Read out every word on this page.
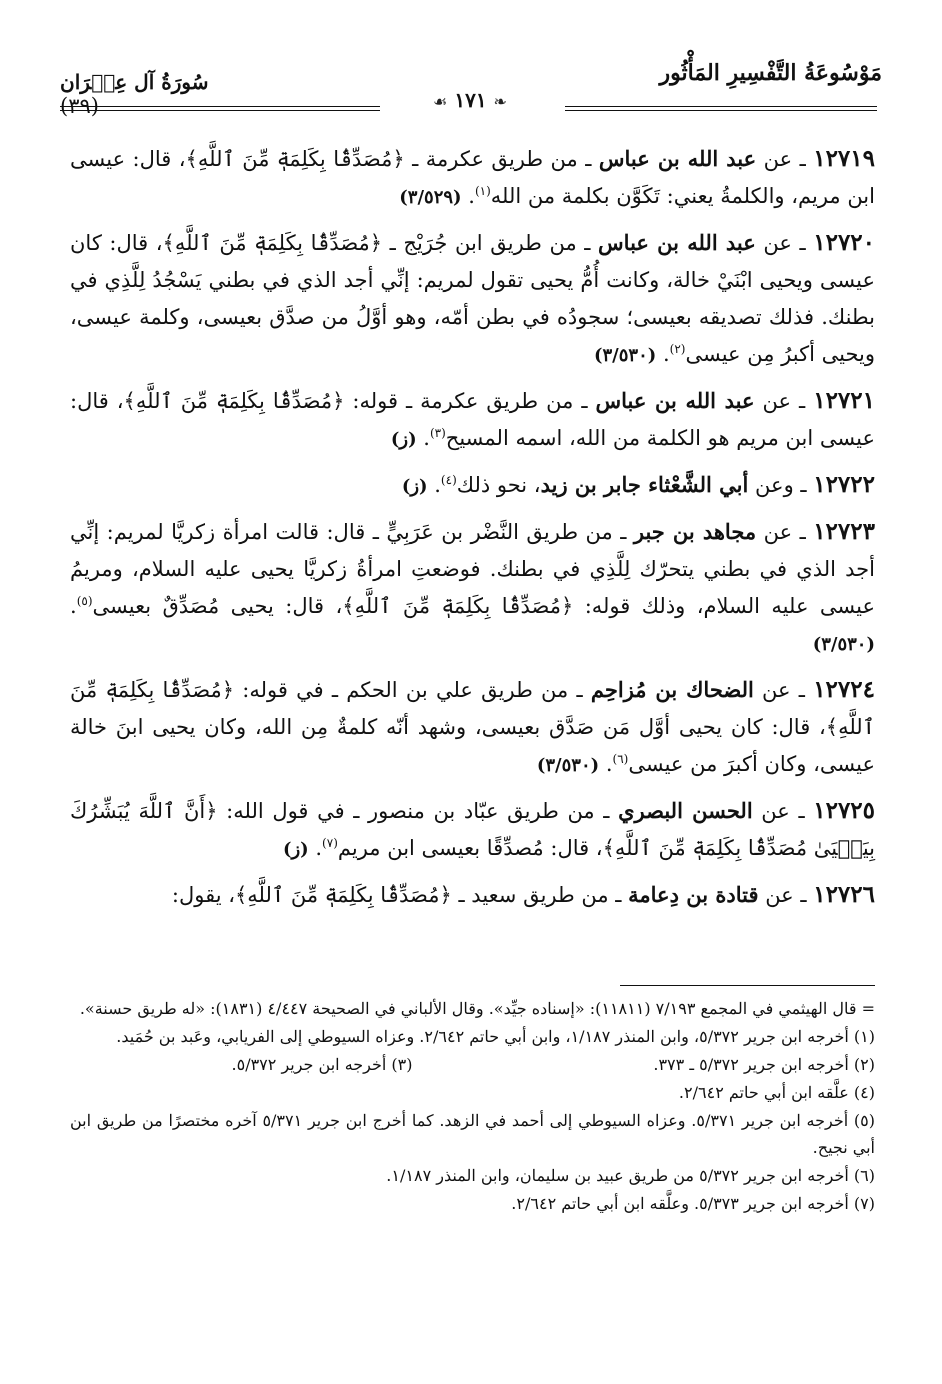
سُورَةُ آل عِمۡرَان (٣٩)	❧ ١٧١ ☙
مَوْسُوعَةُ التَّفْسِيرِ المَأْثُور

١٢٧١٩ ـ عن عبد الله بن عباس ـ من طريق عكرمة ـ ﴿مُصَدِّقَۢا بِكَلِمَةٖ مِّنَ ٱللَّهِ﴾، قال: عيسى ابن مريم، والكلمةُ يعني: تَكَوَّن بكلمة من الله$^{(١)}$. (٣/٥٢٩)

١٢٧٢٠ ـ عن عبد الله بن عباس ـ من طريق ابن جُرَيْج ـ ﴿مُصَدِّقَۢا بِكَلِمَةٖ مِّنَ ٱللَّهِ﴾، قال: كان عيسى ويحيى ابْنَيْ خالة، وكانت أُمُّ يحيى تقول لمريم: إنِّي أجد الذي في بطني يَسْجُدُ لِلَّذِي في بطنك. فذلك تصديقه بعيسى؛ سجودُه في بطن أمّه، وهو أوَّلُ من صدَّق بعيسى، وكلمة عيسى، ويحيى أكبرُ مِن عيسى$^{(٢)}$. (٣/٥٣٠)

١٢٧٢١ ـ عن عبد الله بن عباس ـ من طريق عكرمة ـ قوله: ﴿مُصَدِّقَۢا بِكَلِمَةٖ مِّنَ ٱللَّهِ﴾، قال: عيسى ابن مريم هو الكلمة من الله، اسمه المسيح$^{(٣)}$. (ز)

١٢٧٢٢ ـ وعن أبي الشَّعْثاء جابر بن زيد، نحو ذلك$^{(٤)}$. (ز)

١٢٧٢٣ ـ عن مجاهد بن جبر ـ من طريق النَّضْر بن عَرَبِيٍّ ـ قال: قالت امرأة زكريَّا لمريم: إنِّي أجد الذي في بطني يتحرّك لِلَّذِي في بطنك. فوضعتِ امرأةُ زكريَّا يحيى عليه السلام، ومريمُ عيسى عليه السلام، وذلك قوله: ﴿مُصَدِّقَۢا بِكَلِمَةٖ مِّنَ ٱللَّهِ﴾، قال: يحيى مُصَدِّقٌ بعيسى$^{(٥)}$. (٣/٥٣٠)

١٢٧٢٤ ـ عن الضحاك بن مُزاحِم ـ من طريق علي بن الحكم ـ في قوله: ﴿مُصَدِّقَۢا بِكَلِمَةٖ مِّنَ ٱللَّهِ﴾، قال: كان يحيى أوَّل مَن صَدَّق بعيسى، وشهد أنّه كلمةٌ مِن الله، وكان يحيى ابنَ خالة عيسى، وكان أكبرَ من عيسى$^{(٦)}$. (٣/٥٣٠)

١٢٧٢٥ ـ عن الحسن البصري ـ من طريق عبّاد بن منصور ـ في قول الله: ﴿أَنَّ ٱللَّهَ يُبَشِّرُكَ بِيَحۡيَىٰ مُصَدِّقَۢا بِكَلِمَةٖ مِّنَ ٱللَّهِ﴾، قال: مُصدِّقًا بعيسى ابن مريم$^{(٧)}$. (ز)

١٢٧٢٦ ـ عن قتادة بن دِعامة ـ من طريق سعيد ـ ﴿مُصَدِّقَۢا بِكَلِمَةٖ مِّنَ ٱللَّهِ﴾، يقول:

= قال الهيثمي في المجمع ٧/١٩٣ (١١٨١١): «إسناده جيِّد». وقال الألباني في الصحيحة ٤/٤٤٧ (١٨٣١): «له طريق حسنة».

(١) أخرجه ابن جرير ٥/٣٧٢، وابن المنذر ١/١٨٧، وابن أبي حاتم ٢/٦٤٢. وعزاه السيوطي إلى الفريابي، وعَبد بن حُمَيد.

(٢) أخرجه ابن جرير ٥/٣٧٢ ـ ٣٧٣.

(٣) أخرجه ابن جرير ٥/٣٧٢.

(٤) علَّقه ابن أبي حاتم ٢/٦٤٢.

(٥) أخرجه ابن جرير ٥/٣٧١. وعزاه السيوطي إلى أحمد في الزهد. كما أخرج ابن جرير ٥/٣٧١ آخره مختصرًا من طريق ابن أبي نجيح.

(٦) أخرجه ابن جرير ٥/٣٧٢ من طريق عبيد بن سليمان، وابن المنذر ١/١٨٧.

(٧) أخرجه ابن جرير ٥/٣٧٣. وعلَّقه ابن أبي حاتم ٢/٦٤٢.
